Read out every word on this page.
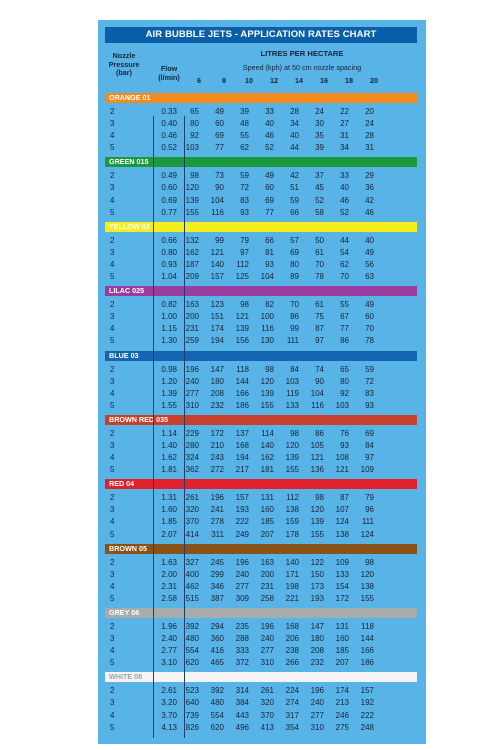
AIR BUBBLE JETS - APPLICATION RATES CHART
Nozzle
Pressure
(bar)	Flow
(l/min)
LITRES PER HECTARE
Speed (kph) at 50 cm nozzle spacing
6	8	10	12	14	16	18	20
ORANGE 01
2	0.33	65	49	39	33	28	24	22	20
3	0.40	80	60	48	40	34	30	27	24
4	0.46	92	69	55	46	40	35	31	28
5	0.52	103	77	62	52	44	39	34	31
GREEN 015
2	0.49	98	73	59	49	42	37	33	29
3	0.60	120	90	72	60	51	45	40	36
4	0.69	139	104	83	69	59	52	46	42
5	0.77	155	116	93	77	66	58	52	46
YELLOW 02
2	0.66	132	99	79	66	57	50	44	40
3	0.80	162	121	97	81	69	61	54	49
4	0.93	187	140	112	93	80	70	62	56
5	1.04	209	157	125	104	89	78	70	63
LILAC 025
2	0.82	163	123	98	82	70	61	55	49
3	1.00	200	151	121	100	86	75	67	60
4	1.15	231	174	139	116	99	87	77	70
5	1.30	259	194	156	130	111	97	86	78
BLUE 03
2	0.98	196	147	118	98	84	74	65	59
3	1.20	240	180	144	120	103	90	80	72
4	1.39	277	208	166	139	119	104	92	83
5	1.55	310	232	186	155	133	116	103	93
BROWN RED 035
2	1.14	229	172	137	114	98	86	76	69
3	1.40	280	210	168	140	120	105	93	84
4	1.62	324	243	194	162	139	121	108	97
5	1.81	362	272	217	181	155	136	121	109
RED 04
2	1.31	261	196	157	131	112	98	87	79
3	1.60	320	241	193	160	138	120	107	96
4	1.85	370	278	222	185	159	139	124	111
5	2.07	414	311	249	207	178	155	138	124
BROWN 05
2	1.63	327	245	196	163	140	122	109	98
3	2.00	400	299	240	200	171	150	133	120
4	2.31	462	346	277	231	198	173	154	138
5	2.58	515	387	309	258	221	193	172	155
GREY 06
2	1.96	392	294	235	196	168	147	131	118
3	2.40	480	360	288	240	206	180	160	144
4	2.77	554	416	333	277	238	208	185	166
5	3.10	620	465	372	310	266	232	207	186
WHITE 08
2	2.61	523	392	314	261	224	196	174	157
3	3.20	640	480	384	320	274	240	213	192
4	3.70	739	554	443	370	317	277	246	222
5	4.13	826	620	496	413	354	310	275	248
